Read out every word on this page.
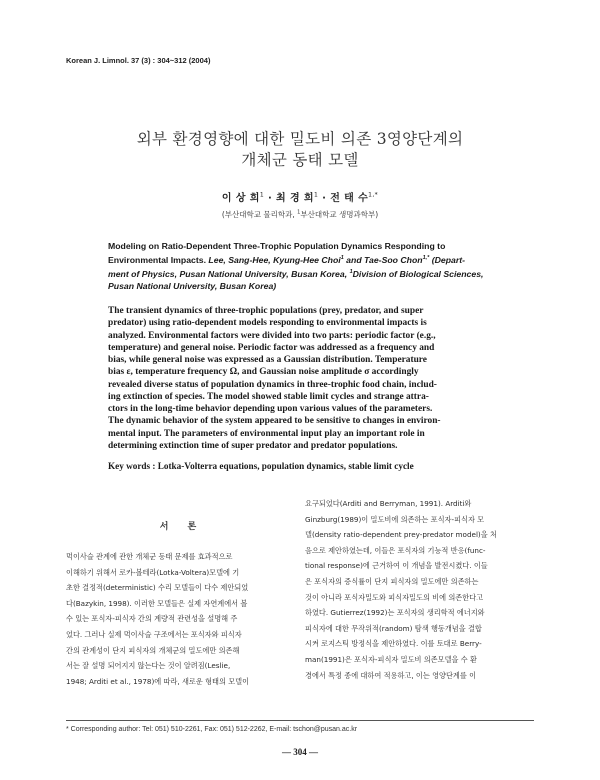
Korean J. Limnol. 37 (3) : 304~312 (2004)
외부 환경영향에 대한 밀도비 의존 3영양단계의
개체군 동태 모델
이 상 희$^1$ · 최 경 희$^1$ · 전 태 수$^{1,*}$
(부산대학교 물리학과, $^1$부산대학교 생명과학부)
Modeling on Ratio-Dependent Three-Trophic Population Dynamics Responding to
Environmental Impacts. Lee, Sang-Hee, Kyung-Hee Choi$^1$ and Tae-Soo Chon$^{1,*}$ (Depart-
ment of Physics, Pusan National University, Busan Korea, $^1$Division of Biological Sciences,
Pusan National University, Busan Korea)
The transient dynamics of three-trophic populations (prey, predator, and super
predator) using ratio-dependent models responding to environmental impacts is
analyzed. Environmental factors were divided into two parts: periodic factor (e.g.,
temperature) and general noise. Periodic factor was addressed as a frequency and
bias, while general noise was expressed as a Gaussian distribution. Temperature
bias ε, temperature frequency Ω, and Gaussian noise amplitude σ accordingly
revealed diverse status of population dynamics in three-trophic food chain, includ-
ing extinction of species. The model showed stable limit cycles and strange attra-
ctors in the long-time behavior depending upon various values of the parameters.
The dynamic behavior of the system appeared to be sensitive to changes in environ-
mental input. The parameters of environmental input play an important role in
determining extinction time of super predator and predator populations.
Key words : Lotka-Volterra equations, population dynamics, stable limit cycle
서 론
먹이사슬 관계에 관한 개체군 동태 문제를 효과적으로
이해하기 위해서 로카-볼테라(Lotka-Voltera)모델에 기
초한 결정적(deterministic) 수리 모델들이 다수 제안되었
다(Bazykin, 1998). 이러한 모델들은 실제 자연계에서 볼
수 있는 포식자-피식자 간의 계량적 관련성을 설명해 주
었다. 그러나 실제 먹이사슬 구조에서는 포식자와 피식자
간의 관계성이 단지 피식자의 개체군의 밀도에만 의존해
서는 잘 설명 되어지지 않는다는 것이 알려짐(Leslie,
1948; Arditi et al., 1978)에 따라, 새로운 형태의 모델이
요구되었다(Arditi and Berryman, 1991). Arditi와
Ginzburg(1989)이 밀도비에 의존하는 포식자-피식자 모
델(density ratio-dependent prey-predator model)을 처
음으로 제안하였는데, 이들은 포식자의 기능적 반응(func-
tional response)에 근거하여 이 개념을 발전시켰다. 이들
은 포식자의 증식률이 단지 피식자의 밀도에만 의존하는
것이 아니라 포식자밀도와 피식자밀도의 비에 의존한다고
하였다. Gutierrez(1992)는 포식자의 생리학적 에너지와
피식자에 대한 무작위적(random) 탐색 행동개념을 결합
시켜 로지스틱 방정식을 제안하였다. 이를 토대로 Berry-
man(1991)은 포식자-피식자 밀도비 의존모델을 수 환
경에서 특정 종에 대하여 적용하고, 이는 영양단계를 이
* Corresponding author: Tel: 051) 510-2261, Fax: 051) 512-2262, E-mail: tschon@pusan.ac.kr
— 304 —
